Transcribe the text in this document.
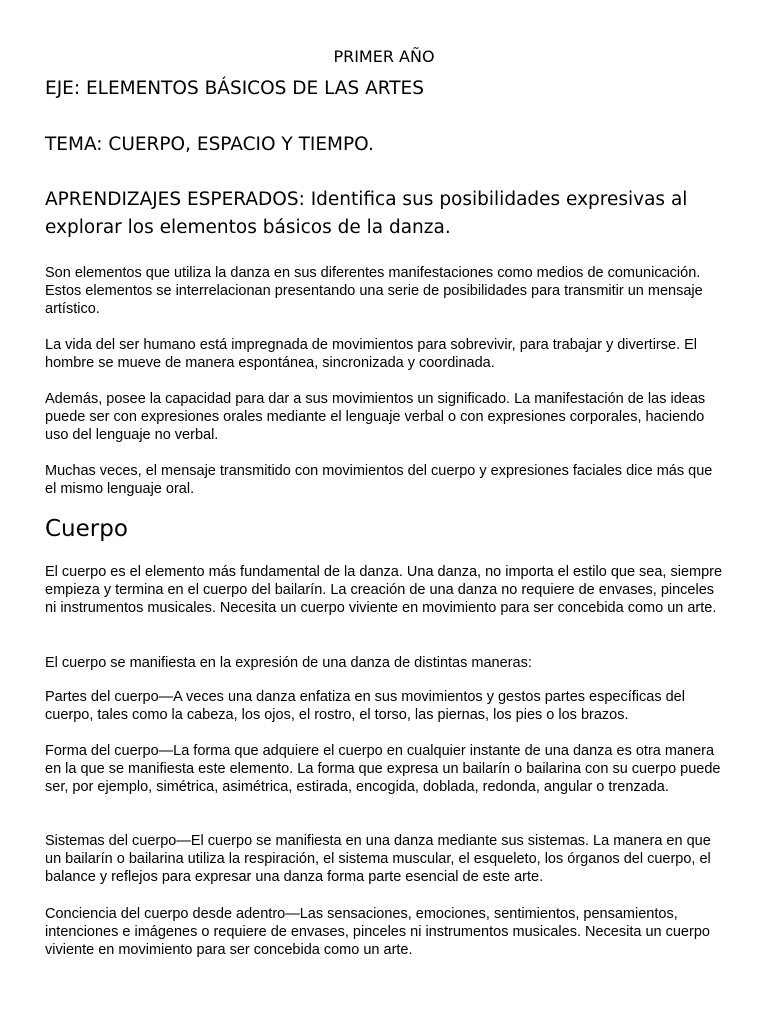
PRIMER AÑO
EJE: ELEMENTOS BÁSICOS DE LAS ARTES
TEMA: CUERPO, ESPACIO Y TIEMPO.
APRENDIZAJES ESPERADOS: Identifica sus posibilidades expresivas al explorar los elementos básicos de la danza.

Son elementos que utiliza la danza en sus diferentes manifestaciones como medios de comunicación. Estos elementos se interrelacionan presentando una serie de posibilidades para transmitir un mensaje artístico.

La vida del ser humano está impregnada de movimientos para sobrevivir, para trabajar y divertirse. El hombre se mueve de manera espontánea, sincronizada y coordinada.

Además, posee la capacidad para dar a sus movimientos un significado. La manifestación de las ideas puede ser con expresiones orales mediante el lenguaje verbal o con expresiones corporales, haciendo uso del lenguaje no verbal.

Muchas veces, el mensaje transmitido con movimientos del cuerpo y expresiones faciales dice más que el mismo lenguaje oral.

Cuerpo

El cuerpo es el elemento más fundamental de la danza. Una danza, no importa el estilo que sea, siempre empieza y termina en el cuerpo del bailarín. La creación de una danza no requiere de envases, pinceles ni instrumentos musicales. Necesita un cuerpo viviente en movimiento para ser concebida como un arte.

El cuerpo se manifiesta en la expresión de una danza de distintas maneras:

Partes del cuerpo—A veces una danza enfatiza en sus movimientos y gestos partes específicas del cuerpo, tales como la cabeza, los ojos, el rostro, el torso, las piernas, los pies o los brazos.

Forma del cuerpo—La forma que adquiere el cuerpo en cualquier instante de una danza es otra manera en la que se manifiesta este elemento. La forma que expresa un bailarín o bailarina con su cuerpo puede ser, por ejemplo, simétrica, asimétrica, estirada, encogida, doblada, redonda, angular o trenzada.

Sistemas del cuerpo—El cuerpo se manifiesta en una danza mediante sus sistemas. La manera en que un bailarín o bailarina utiliza la respiración, el sistema muscular, el esqueleto, los órganos del cuerpo, el balance y reflejos para expresar una danza forma parte esencial de este arte.

Conciencia del cuerpo desde adentro—Las sensaciones, emociones, sentimientos, pensamientos, intenciones e imágenes o requiere de envases, pinceles ni instrumentos musicales. Necesita un cuerpo viviente en movimiento para ser concebida como un arte.
